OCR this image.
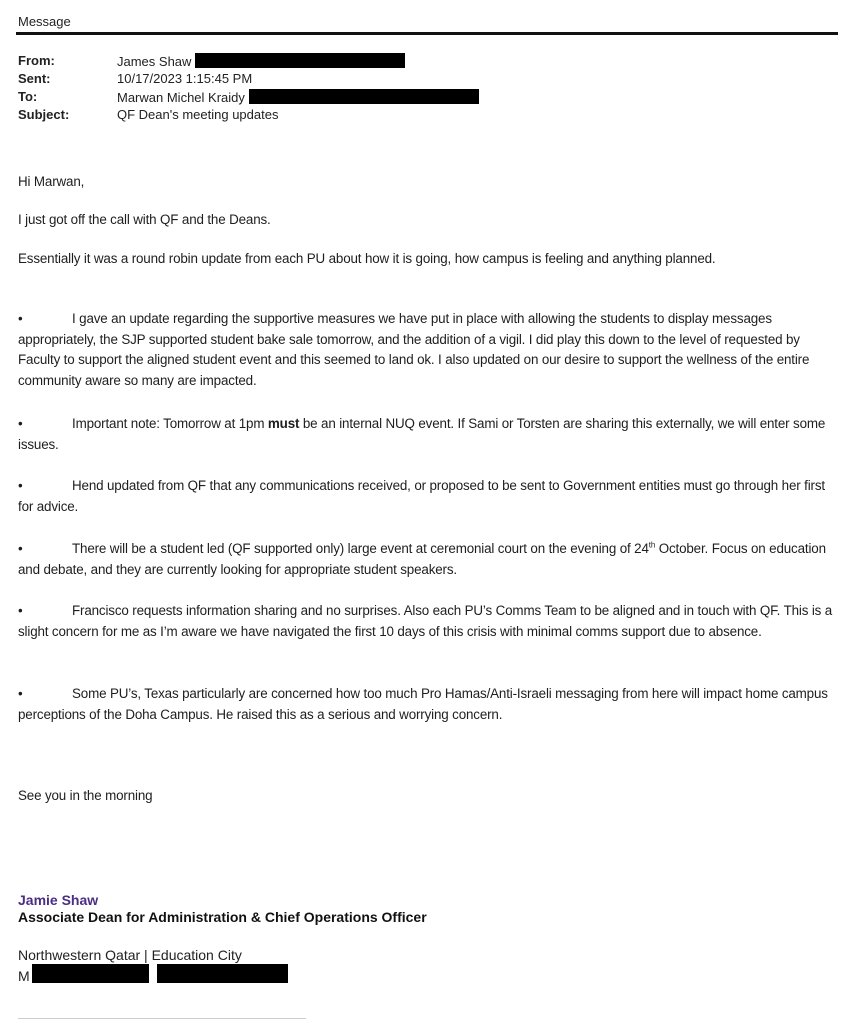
Message
From:	James Shaw
Sent:	10/17/2023 1:15:45 PM
To:	Marwan Michel Kraidy
Subject:	QF Dean's meeting updates
Hi Marwan,
I just got off the call with QF and the Deans.
Essentially it was a round robin update from each PU about how it is going, how campus is feeling and anything planned.
•	I gave an update regarding the supportive measures we have put in place with allowing the students to display messages appropriately, the SJP supported student bake sale tomorrow, and the addition of a vigil. I did play this down to the level of requested by Faculty to support the aligned student event and this seemed to land ok. I also updated on our desire to support the wellness of the entire community aware so many are impacted.
•	Important note: Tomorrow at 1pm must be an internal NUQ event. If Sami or Torsten are sharing this externally, we will enter some issues.
•	Hend updated from QF that any communications received, or proposed to be sent to Government entities must go through her first for advice.
•	There will be a student led (QF supported only) large event at ceremonial court on the evening of 24th October. Focus on education and debate, and they are currently looking for appropriate student speakers.
•	Francisco requests information sharing and no surprises. Also each PU’s Comms Team to be aligned and in touch with QF. This is a slight concern for me as I’m aware we have navigated the first 10 days of this crisis with minimal comms support due to absence.
•	Some PU’s, Texas particularly are concerned how too much Pro Hamas/Anti-Israeli messaging from here will impact home campus perceptions of the Doha Campus. He raised this as a serious and worrying concern.
See you in the morning
Jamie Shaw
Associate Dean for Administration & Chief Operations Officer
Northwestern Qatar | Education City
M
